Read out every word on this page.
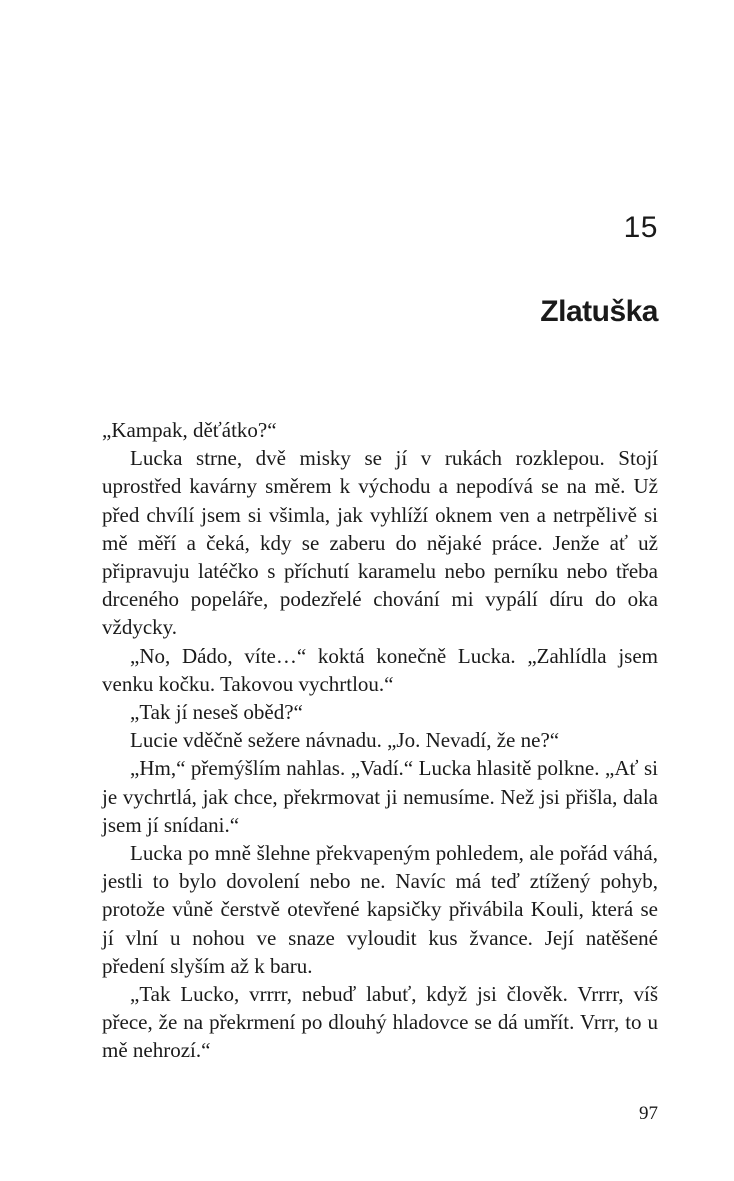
15
Zlatuška

„Kampak, děťátko?“

Lucka strne, dvě misky se jí v rukách rozklepou. Stojí uprostřed kavárny směrem k východu a nepodívá se na mě. Už před chvílí jsem si všimla, jak vyhlíží oknem ven a netrpělivě si mě měří a čeká, kdy se zaberu do nějaké práce. Jenže ať už připravuju latéčko s příchutí karamelu nebo perníku nebo třeba drceného popeláře, podezřelé chování mi vypálí díru do oka vždycky.

„No, Dádo, víte…“ koktá konečně Lucka. „Zahlídla jsem venku kočku. Takovou vychrtlou.“

„Tak jí neseš oběd?“

Lucie vděčně sežere návnadu. „Jo. Nevadí, že ne?“

„Hm,“ přemýšlím nahlas. „Vadí.“ Lucka hlasitě polkne. „Ať si je vychrtlá, jak chce, překrmovat ji nemusíme. Než jsi přišla, dala jsem jí snídani.“

Lucka po mně šlehne překvapeným pohledem, ale pořád váhá, jestli to bylo dovolení nebo ne. Navíc má teď ztížený pohyb, protože vůně čerstvě otevřené kapsičky přivábila Kouli, která se jí vlní u nohou ve snaze vyloudit kus žvance. Její natěšené předení slyším až k baru.

„Tak Lucko, vrrrr, nebuď labuť, když jsi člověk. Vrrrr, víš přece, že na překrmení po dlouhý hladovce se dá umřít. Vrrr, to u mě nehrozí.“

97
